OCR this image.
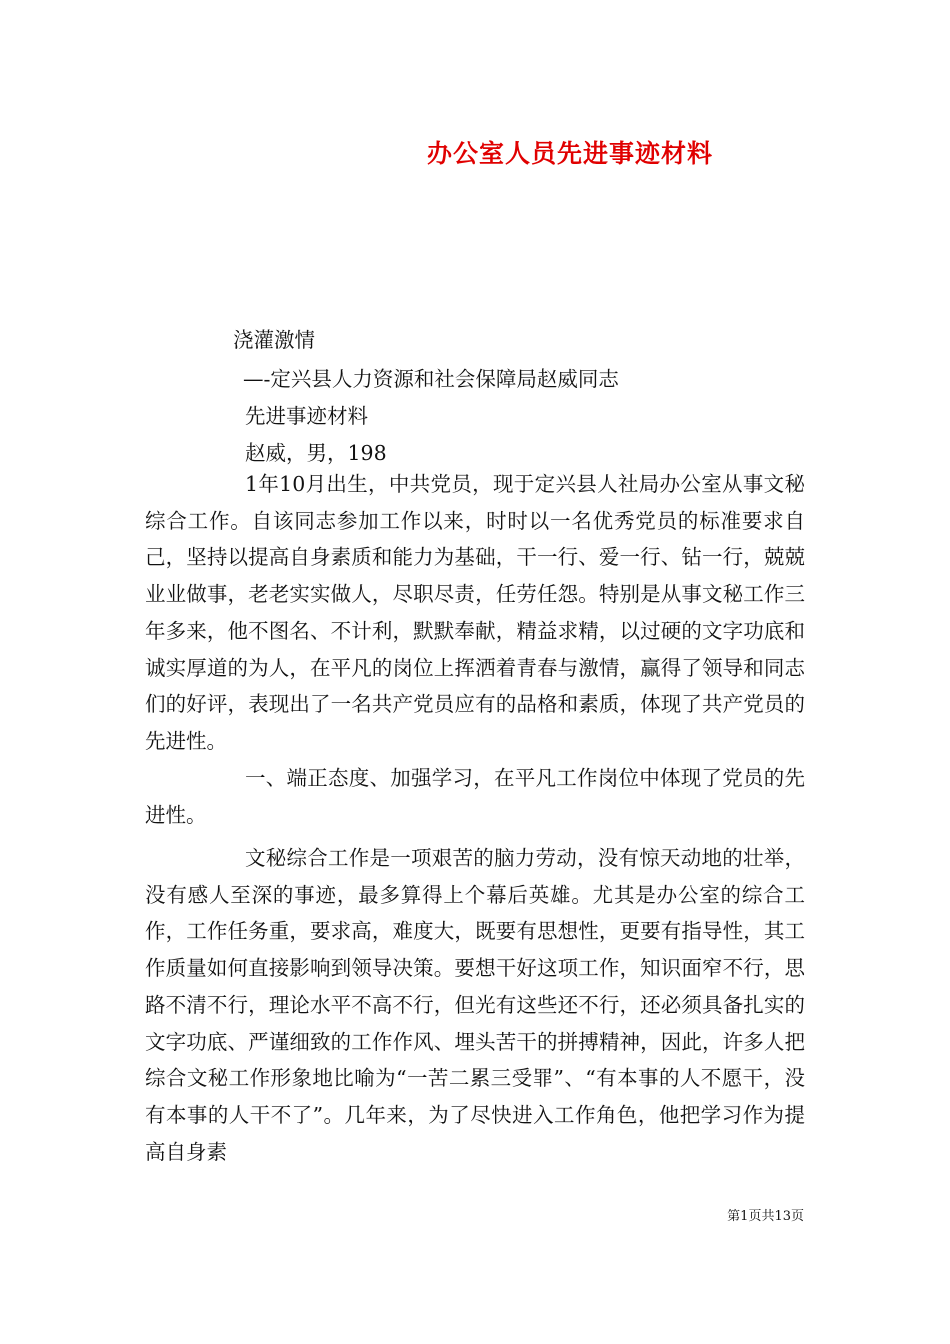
办公室人员先进事迹材料

浇灌激情

—-定兴县人力资源和社会保障局赵威同志

先进事迹材料

赵威，男，198

1年10月出生，中共党员，现于定兴县人社局办公室从事文秘综合工作。自该同志参加工作以来，时时以一名优秀党员的标准要求自己，坚持以提高自身素质和能力为基础，干一行、爱一行、钻一行，兢兢业业做事，老老实实做人，尽职尽责，任劳任怨。特别是从事文秘工作三年多来，他不图名、不计利，默默奉献，精益求精，以过硬的文字功底和诚实厚道的为人，在平凡的岗位上挥洒着青春与激情，赢得了领导和同志们的好评，表现出了一名共产党员应有的品格和素质，体现了共产党员的先进性。

一、端正态度、加强学习，在平凡工作岗位中体现了党员的先进性。

文秘综合工作是一项艰苦的脑力劳动，没有惊天动地的壮举，没有感人至深的事迹，最多算得上个幕后英雄。尤其是办公室的综合工作，工作任务重，要求高，难度大，既要有思想性，更要有指导性，其工作质量如何直接影响到领导决策。要想干好这项工作，知识面窄不行，思路不清不行，理论水平不高不行，但光有这些还不行，还必须具备扎实的文字功底、严谨细致的工作作风、埋头苦干的拼搏精神，因此，许多人把综合文秘工作形象地比喻为“一苦二累三受罪”、“有本事的人不愿干，没有本事的人干不了”。几年来，为了尽快进入工作角色，他把学习作为提高自身素

第1页共13页
